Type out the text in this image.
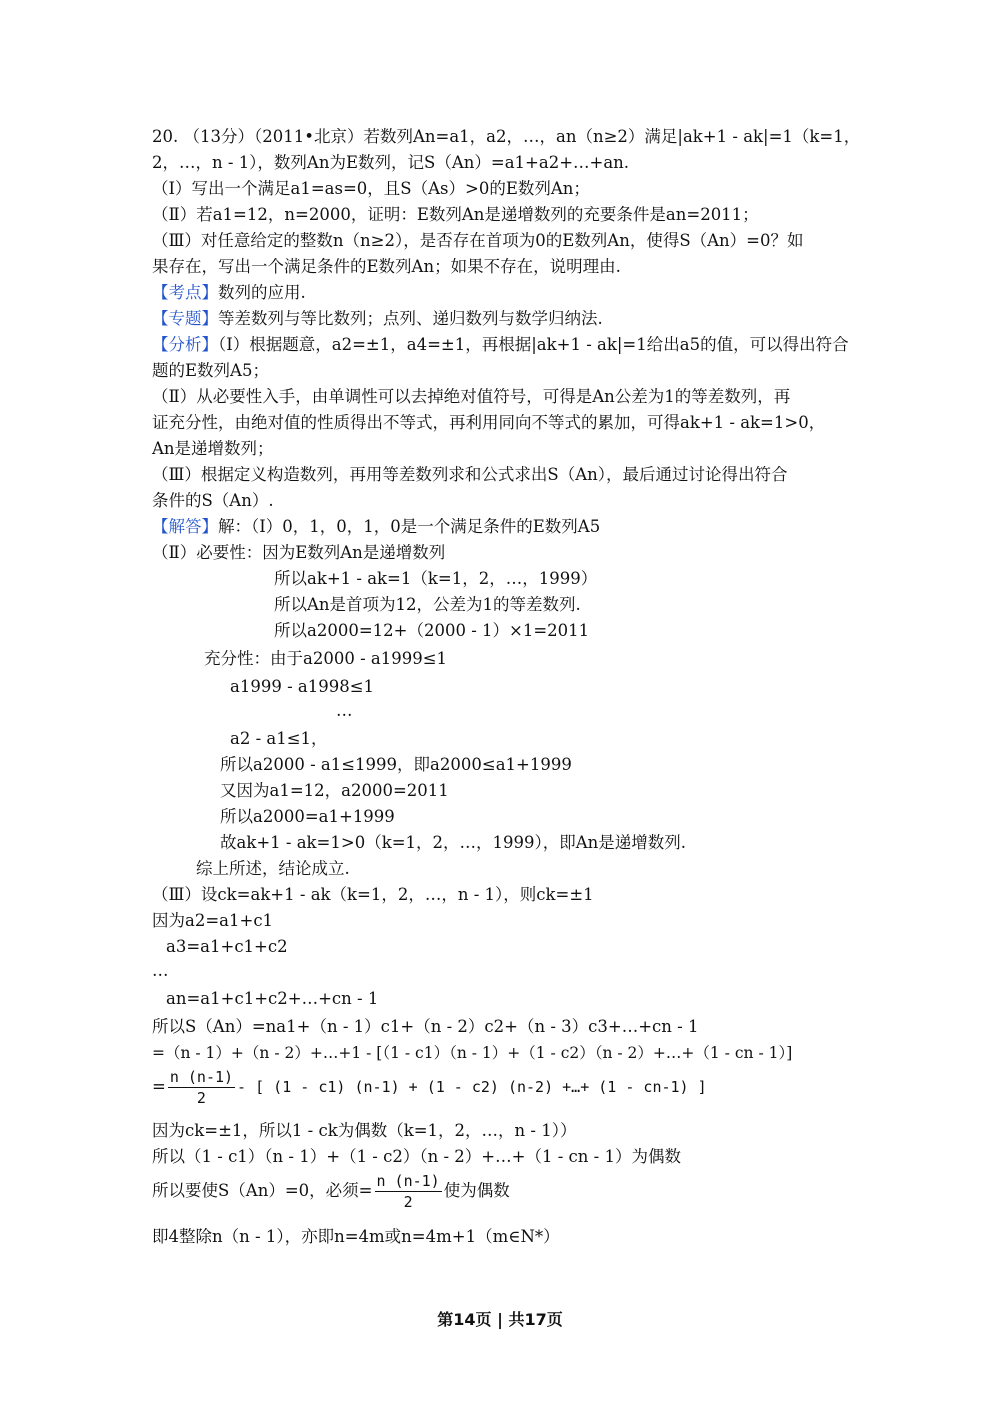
20. （13分）（2011•北京）若数列An=a1，a2，…，an（n≥2）满足|ak+1 - ak|=1（k=1，
2，…，n - 1），数列An为E数列，记S（An）=a1+a2+…+an.
（Ⅰ）写出一个满足a1=as=0，且S（As）>0的E数列An；
（Ⅱ）若a1=12，n=2000，证明：E数列An是递增数列的充要条件是an=2011；
（Ⅲ）对任意给定的整数n（n≥2），是否存在首项为0的E数列An，使得S（An）=0？如
果存在，写出一个满足条件的E数列An；如果不存在，说明理由.
【考点】数列的应用.
【专题】等差数列与等比数列；点列、递归数列与数学归纳法.
【分析】（Ⅰ）根据题意，a2=±1，a4=±1，再根据|ak+1 - ak|=1给出a5的值，可以得出符合
题的E数列A5；
（Ⅱ）从必要性入手，由单调性可以去掉绝对值符号，可得是An公差为1的等差数列，再
证充分性，由绝对值的性质得出不等式，再利用同向不等式的累加，可得ak+1 - ak=1>0，
An是递增数列；
（Ⅲ）根据定义构造数列，再用等差数列求和公式求出S（An），最后通过讨论得出符合
条件的S（An）.
【解答】解：（Ⅰ）0，1，0，1，0是一个满足条件的E数列A5
（Ⅱ）必要性：因为E数列An是递增数列
所以ak+1 - ak=1（k=1，2，…，1999）
所以An是首项为12，公差为1的等差数列.
所以a2000=12+（2000 - 1）×1=2011
充分性：由于a2000 - a1999≤1
a1999 - a1998≤1
…
a2 - a1≤1，
所以a2000 - a1≤1999，即a2000≤a1+1999
又因为a1=12，a2000=2011
所以a2000=a1+1999
故ak+1 - ak=1>0（k=1，2，…，1999），即An是递增数列.
综上所述，结论成立.
（Ⅲ）设ck=ak+1 - ak（k=1，2，…，n - 1），则ck=±1
因为a2=a1+c1
a3=a1+c1+c2
…
an=a1+c1+c2+…+cn - 1
所以S（An）=na1+（n - 1）c1+（n - 2）c2+（n - 3）c3+…+cn - 1
=（n - 1）+（n - 2）+…+1 - [（1 - c1）（n - 1）+（1 - c2）（n - 2）+…+（1 - cn - 1）]
= $\frac{n (n-1)}{2}$ - [ (1 - c1) (n-1) + (1 - c2) (n-2) +…+ (1 - cn-1) ]
因为ck=±1，所以1 - ck为偶数（k=1，2，…，n - 1））
所以（1 - c1）（n - 1）+（1 - c2）（n - 2）+…+（1 - cn - 1）为偶数
所以要使S（An）=0，必须= $\frac{n (n-1)}{2}$ 使为偶数
即4整除n（n - 1），亦即n=4m或n=4m+1（m∈N*）
第14页 | 共17页
